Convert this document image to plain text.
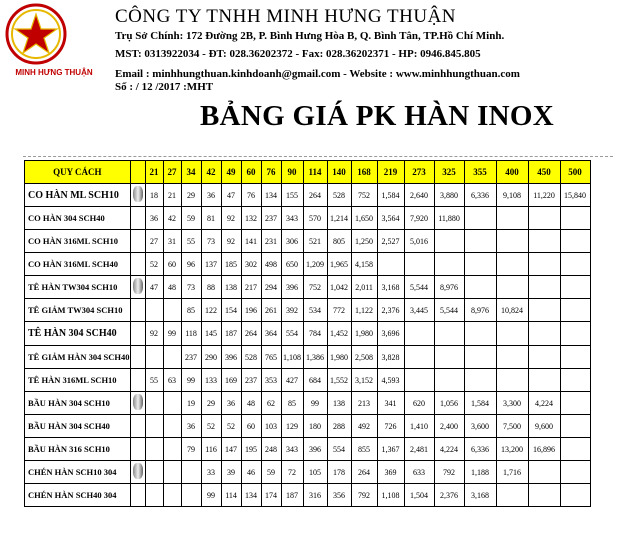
MINH HƯNG THUẬN
CÔNG TY TNHH MINH HƯNG THUẬN
Trụ Sở Chính: 172 Đường 2B, P. Bình Hưng Hòa B, Q. Bình Tân, TP.Hồ Chí Minh.
MST: 0313922034 - ĐT: 028.36202372 - Fax: 028.36202371 - HP: 0946.845.805
Email : minhhungthuan.kinhdoanh@gmail.com - Website : www.minhhungthuan.com
Số : / 12 /2017 :MHT
BẢNG GIÁ PK HÀN INOX
QUY CÁCH		21	27	34	42	49	60	76	90	114	140	168	219	273	325	355	400	450	500
CO HÀN ML SCH10		18	21	29	36	47	76	134	155	264	528	752	1,584	2,640	3,880	6,336	9,108	11,220	15,840
CO HÀN 304 SCH40		36	42	59	81	92	132	237	343	570	1,214	1,650	3,564	7,920	11,880				
CO HÀN 316ML SCH10		27	31	55	73	92	141	231	306	521	805	1,250	2,527	5,016					
CO HÀN 316ML SCH40		52	60	96	137	185	302	498	650	1,209	1,965	4,158							
TÊ HÀN TW304 SCH10		47	48	73	88	138	217	294	396	752	1,042	2,011	3,168	5,544	8,976				
TÊ GIẢM TW304 SCH10				85	122	154	196	261	392	534	772	1,122	2,376	3,445	5,544	8,976	10,824		
TÊ HÀN 304 SCH40		92	99	118	145	187	264	364	554	784	1,452	1,980	3,696						
TÊ GIẢM HÀN 304 SCH40				237	290	396	528	765	1,108	1,386	1,980	2,508	3,828						
TÊ HÀN 316ML SCH10		55	63	99	133	169	237	353	427	684	1,552	3,152	4,593						
BẦU HÀN 304 SCH10				19	29	36	48	62	85	99	138	213	341	620	1,056	1,584	3,300	4,224	
BẦU HÀN 304 SCH40				36	52	52	60	103	129	180	288	492	726	1,410	2,400	3,600	7,500	9,600	
BẦU HÀN 316 SCH10				79	116	147	195	248	343	396	554	855	1,367	2,481	4,224	6,336	13,200	16,896	
CHÉN HÀN SCH10 304					33	39	46	59	72	105	178	264	369	633	792	1,188	1,716		
CHÉN HÀN SCH40 304					99	114	134	174	187	316	356	792	1,108	1,504	2,376	3,168			
